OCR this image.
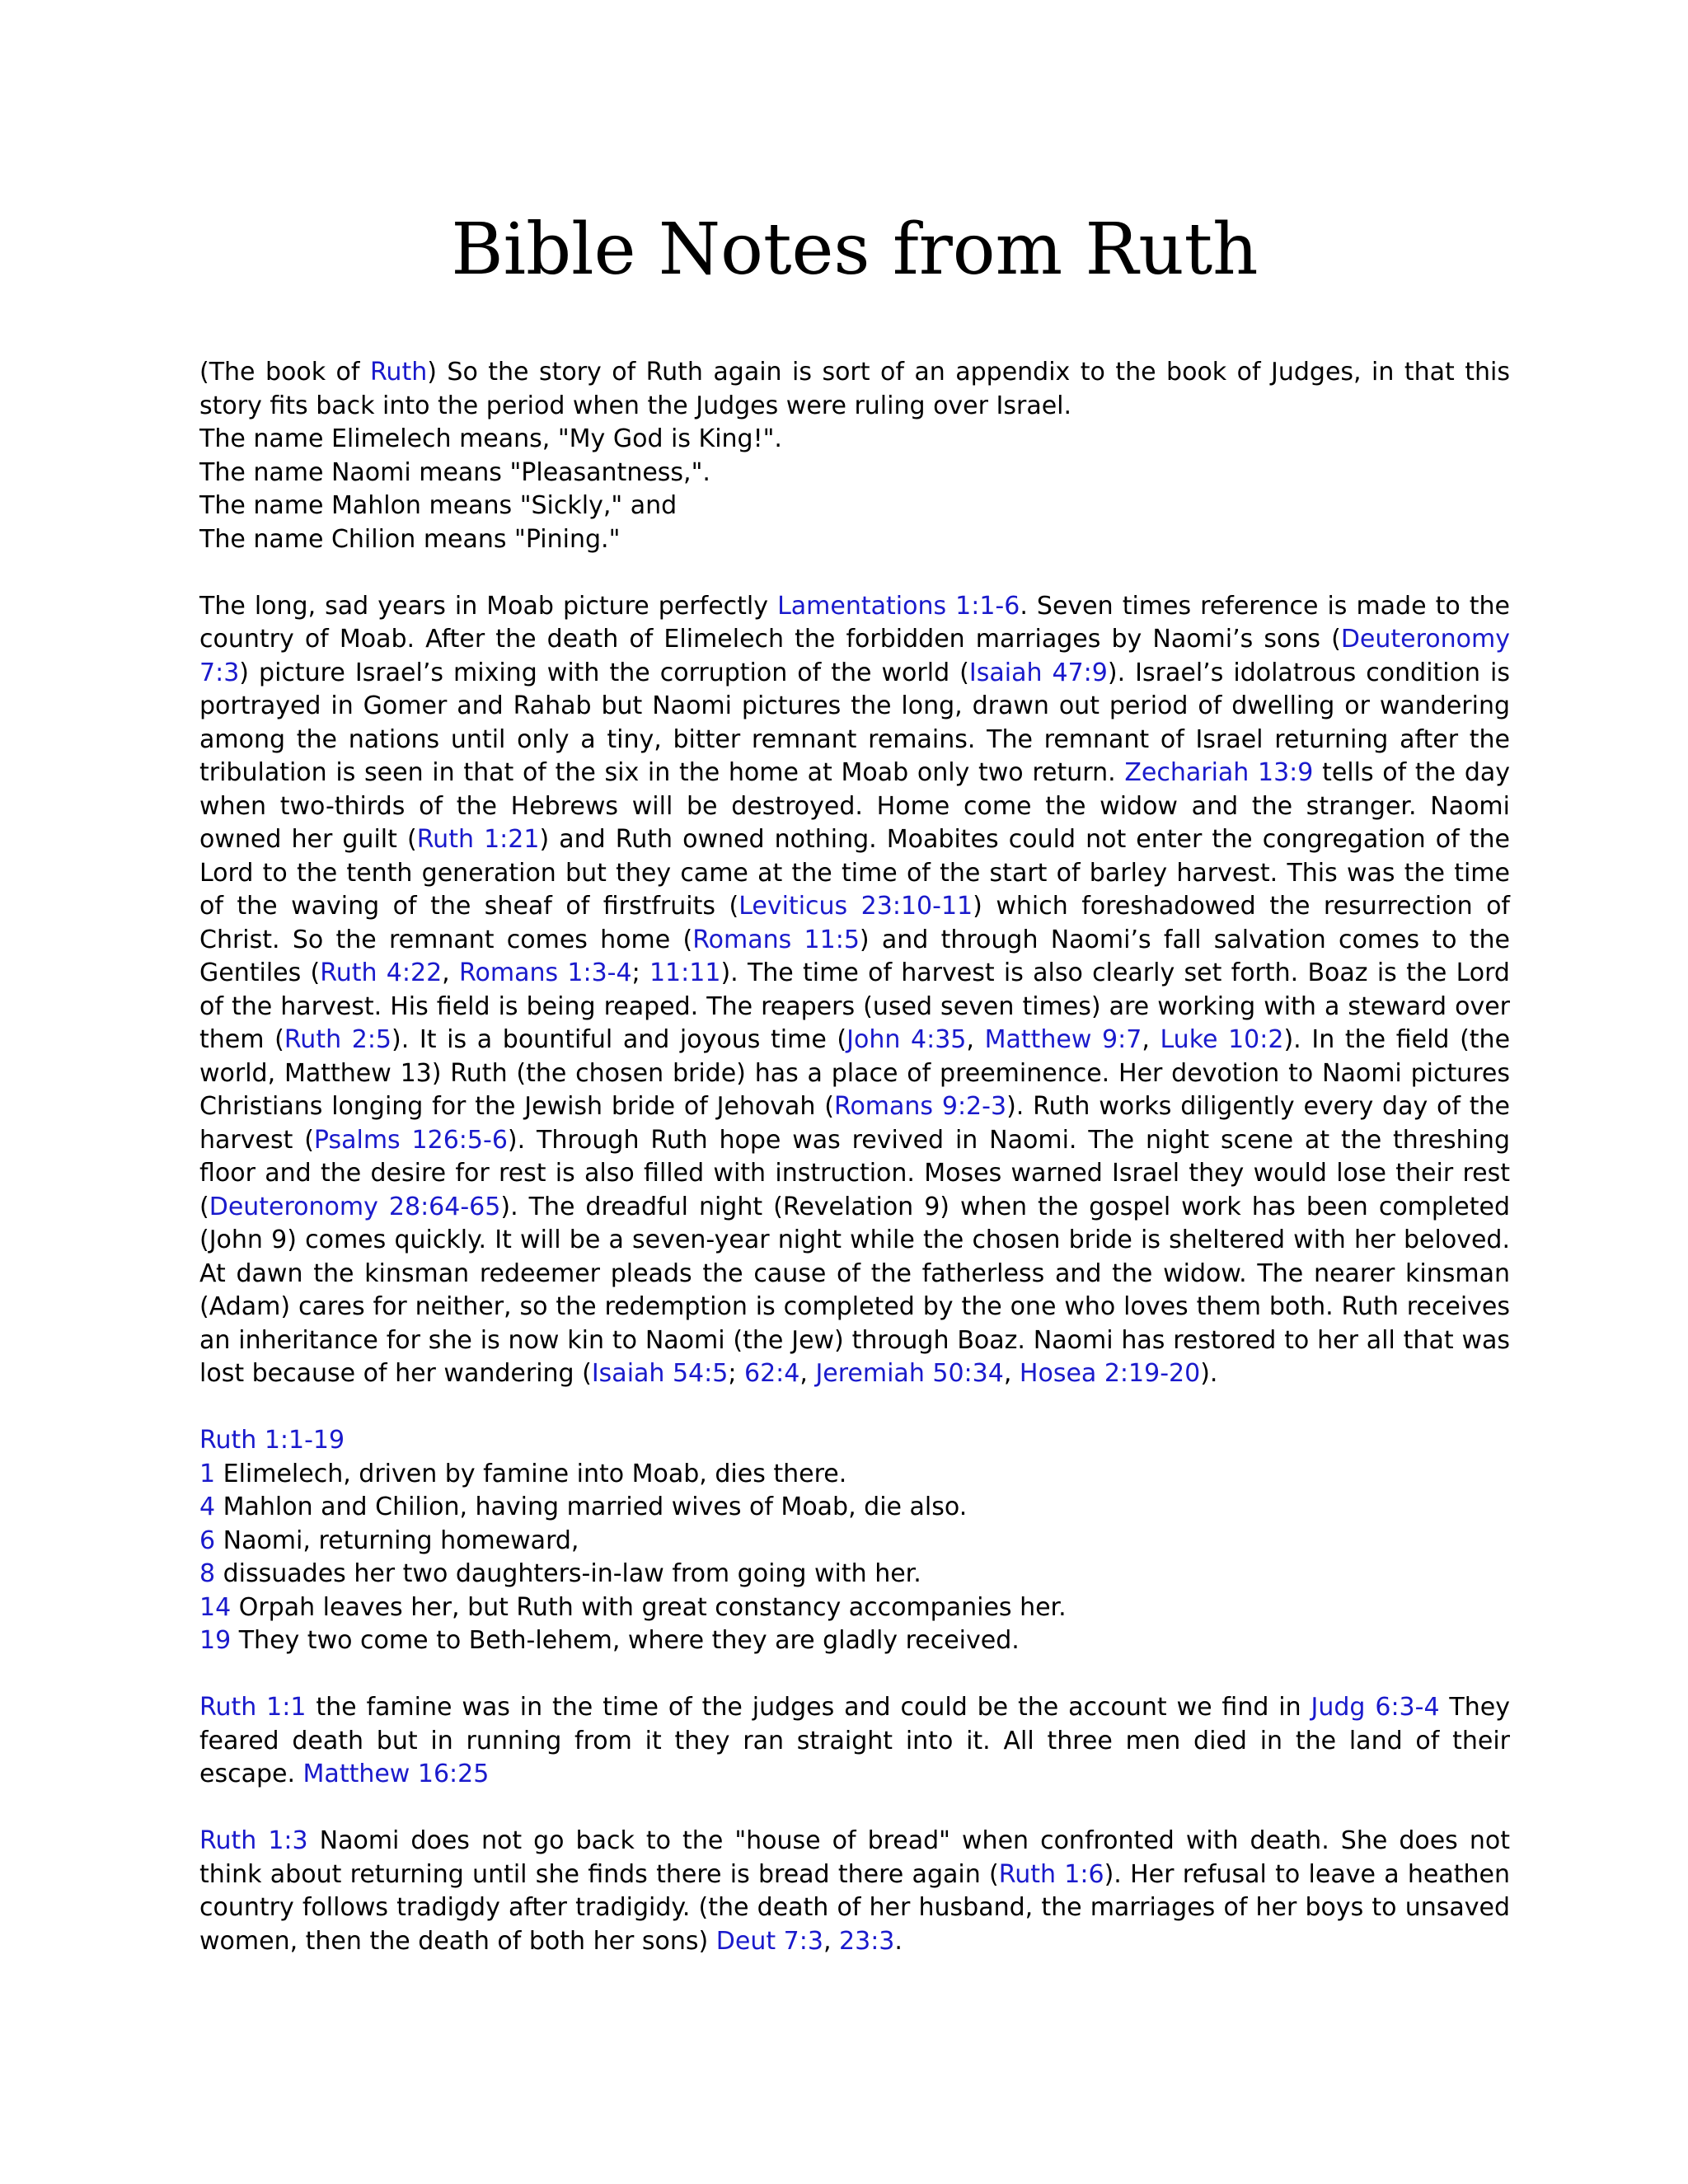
Bible Notes from Ruth

(The book of Ruth) So the story of Ruth again is sort of an appendix to the book of Judges, in that this story fits back into the period when the Judges were ruling over Israel.

The name Elimelech means, "My God is King!".

The name Naomi means "Pleasantness,".

The name Mahlon means "Sickly," and

The name Chilion means "Pining."

The long, sad years in Moab picture perfectly Lamentations 1:1-6. Seven times reference is made to the country of Moab. After the death of Elimelech the forbidden marriages by Naomi’s sons (Deuteronomy 7:3) picture Israel’s mixing with the corruption of the world (Isaiah 47:9). Israel’s idolatrous condition is portrayed in Gomer and Rahab but Naomi pictures the long, drawn out period of dwelling or wandering among the nations until only a tiny, bitter remnant remains. The remnant of Israel returning after the tribulation is seen in that of the six in the home at Moab only two return. Zechariah 13:9 tells of the day when two-thirds of the Hebrews will be destroyed. Home come the widow and the stranger. Naomi owned her guilt (Ruth 1:21) and Ruth owned nothing. Moabites could not enter the congregation of the Lord to the tenth generation but they came at the time of the start of barley harvest. This was the time of the waving of the sheaf of firstfruits (Leviticus 23:10-11) which foreshadowed the resurrection of Christ. So the remnant comes home (Romans 11:5) and through Naomi’s fall salvation comes to the Gentiles (Ruth 4:22, Romans 1:3-4; 11:11). The time of harvest is also clearly set forth. Boaz is the Lord of the harvest. His field is being reaped. The reapers (used seven times) are working with a steward over them (Ruth 2:5). It is a bountiful and joyous time (John 4:35, Matthew 9:7, Luke 10:2). In the field (the world, Matthew 13) Ruth (the chosen bride) has a place of preeminence. Her devotion to Naomi pictures Christians longing for the Jewish bride of Jehovah (Romans 9:2-3). Ruth works diligently every day of the harvest (Psalms 126:5-6). Through Ruth hope was revived in Naomi. The night scene at the threshing floor and the desire for rest is also filled with instruction. Moses warned Israel they would lose their rest (Deuteronomy 28:64-65). The dreadful night (Revelation 9) when the gospel work has been completed (John 9) comes quickly. It will be a seven-year night while the chosen bride is sheltered with her beloved. At dawn the kinsman redeemer pleads the cause of the fatherless and the widow. The nearer kinsman (Adam) cares for neither, so the redemption is completed by the one who loves them both. Ruth receives an inheritance for she is now kin to Naomi (the Jew) through Boaz. Naomi has restored to her all that was lost because of her wandering (Isaiah 54:5; 62:4, Jeremiah 50:34, Hosea 2:19-20).

Ruth 1:1-19

1 Elimelech, driven by famine into Moab, dies there.

4 Mahlon and Chilion, having married wives of Moab, die also.

6 Naomi, returning homeward,

8 dissuades her two daughters-in-law from going with her.

14 Orpah leaves her, but Ruth with great constancy accompanies her.

19 They two come to Beth-lehem, where they are gladly received.

Ruth 1:1 the famine was in the time of the judges and could be the account we find in Judg 6:3-4 They feared death but in running from it they ran straight into it. All three men died in the land of their escape. Matthew 16:25

Ruth 1:3 Naomi does not go back to the "house of bread" when confronted with death. She does not think about returning until she finds there is bread there again (Ruth 1:6). Her refusal to leave a heathen country follows tradigdy after tradigidy. (the death of her husband, the marriages of her boys to unsaved women, then the death of both her sons) Deut 7:3, 23:3.
